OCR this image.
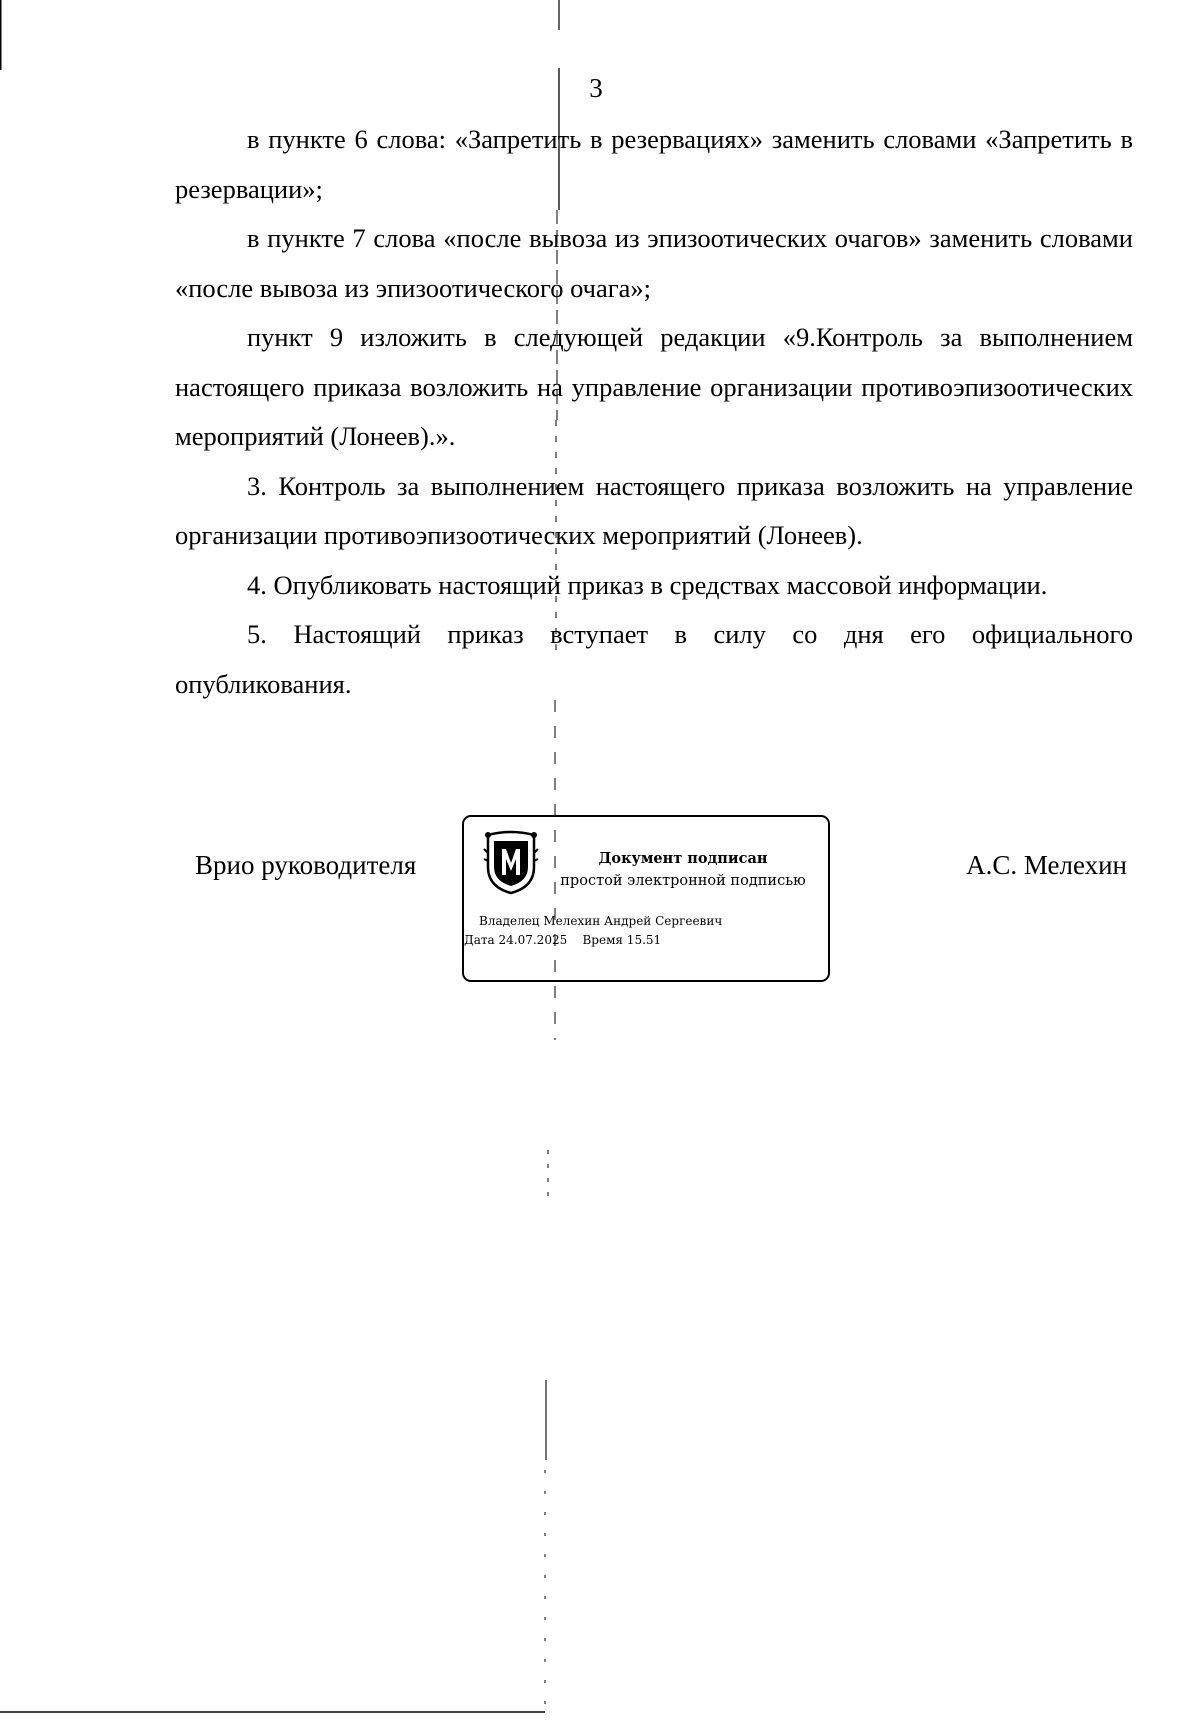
3

в пункте 6 слова: «Запретить в резервациях» заменить словами «Запретить в резервации»;

в пункте 7 слова «после вывоза из эпизоотических очагов» заменить словами «после вывоза из эпизоотического очага»;

пункт 9 изложить в следующей редакции «9.Контроль за выполнением настоящего приказа возложить на управление организации противоэпизоотических мероприятий (Лонеев).».

3. Контроль за выполнением настоящего приказа возложить на управление организации противоэпизоотических мероприятий (Лонеев).

4. Опубликовать настоящий приказ в средствах массовой информации.

5. Настоящий приказ вступает в силу со дня его официального опубликования.

Врио руководителя	Документ подписан
простой электронной подписью
Владелец Мелехин Андрей Сергеевич
Дата 24.07.2025    Время 15.51
А.С. Мелехин
